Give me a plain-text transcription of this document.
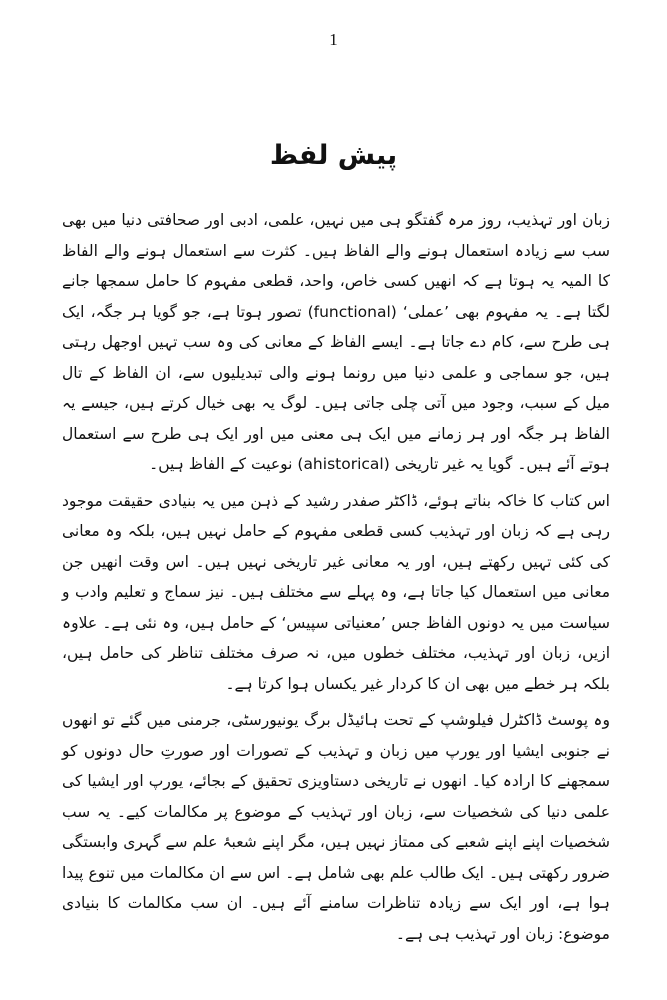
1
پیش لفظ

زبان اور تہذیب، روز مرہ گفتگو ہی میں نہیں، علمی، ادبی اور صحافتی دنیا میں بھی سب سے زیادہ استعمال ہونے والے الفاظ ہیں۔ کثرت سے استعمال ہونے والے الفاظ کا المیہ یہ ہوتا ہے کہ انھیں کسی خاص، واحد، قطعی مفہوم کا حامل سمجھا جانے لگتا ہے۔ یہ مفہوم بھی ’عملی‘ (functional) تصور ہوتا ہے، جو گویا ہر جگہ، ایک ہی طرح سے، کام دے جاتا ہے۔ ایسے الفاظ کے معانی کی وہ سب تہیں اوجھل رہتی ہیں، جو سماجی و علمی دنیا میں رونما ہونے والی تبدیلیوں سے، ان الفاظ کے تال میل کے سبب، وجود میں آتی چلی جاتی ہیں۔ لوگ یہ بھی خیال کرتے ہیں، جیسے یہ الفاظ ہر جگہ اور ہر زمانے میں ایک ہی معنی میں اور ایک ہی طرح سے استعمال ہوتے آئے ہیں۔ گویا یہ غیر تاریخی (ahistorical) نوعیت کے الفاظ ہیں۔

اس کتاب کا خاکہ بناتے ہوئے، ڈاکٹر صفدر رشید کے ذہن میں یہ بنیادی حقیقت موجود رہی ہے کہ زبان اور تہذیب کسی قطعی مفہوم کے حامل نہیں ہیں، بلکہ وہ معانی کی کئی تہیں رکھتے ہیں، اور یہ معانی غیر تاریخی نہیں ہیں۔ اس وقت انھیں جن معانی میں استعمال کیا جاتا ہے، وہ پہلے سے مختلف ہیں۔ نیز سماج و تعلیم وادب و سیاست میں یہ دونوں الفاظ جس ’معنیاتی سپیس‘ کے حامل ہیں، وہ نئی ہے۔ علاوہ ازیں، زبان اور تہذیب، مختلف خطوں میں، نہ صرف مختلف تناظر کی حامل ہیں، بلکہ ہر خطے میں بھی ان کا کردار غیر یکساں ہوا کرتا ہے۔

وہ پوسٹ ڈاکٹرل فیلوشپ کے تحت ہائیڈل برگ یونیورسٹی، جرمنی میں گئے تو انھوں نے جنوبی ایشیا اور یورپ میں زبان و تہذیب کے تصورات اور صورتِ حال دونوں کو سمجھنے کا ارادہ کیا۔ انھوں نے تاریخی دستاویزی تحقیق کے بجائے، یورپ اور ایشیا کی علمی دنیا کی شخصیات سے، زبان اور تہذیب کے موضوع پر مکالمات کیے۔ یہ سب شخصیات اپنے اپنے شعبے کی ممتاز نہیں ہیں، مگر اپنے شعبۂ علم سے گہری وابستگی ضرور رکھتی ہیں۔ ایک طالب علم بھی شامل ہے۔ اس سے ان مکالمات میں تنوع پیدا ہوا ہے، اور ایک سے زیادہ تناظرات سامنے آئے ہیں۔ ان سب مکالمات کا بنیادی موضوع: زبان اور تہذیب ہی ہے۔
